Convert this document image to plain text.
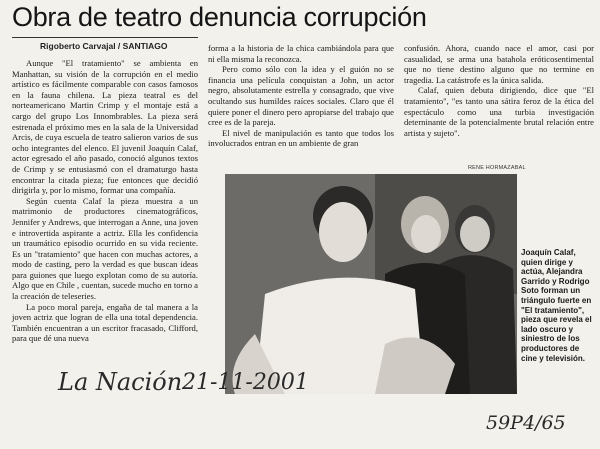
Obra de teatro denuncia corrupción
Rigoberto Carvajal / SANTIAGO

Aunque "El tratamiento" se ambienta en Manhattan, su visión de la corrupción en el medio artístico es fácilmente comparable con casos famosos en la fauna chilena. La pieza teatral es del norteamericano Martin Crimp y el montaje está a cargo del grupo Los Innombrables. La pieza será estrenada el próximo mes en la sala de la Universidad Arcis, de cuya escuela de teatro salieron varios de sus ocho integrantes del elenco. El juvenil Joaquín Calaf, actor egresado el año pasado, conoció algunos textos de Crimp y se entusiasmó con el dramaturgo hasta encontrar la citada pieza; fue entonces que decidió dirigirla y, por lo mismo, formar una compañía.

Según cuenta Calaf la pieza muestra a un matrimonio de productores cinematográficos, Jennifer y Andrews, que interrogan a Anne, una joven e introvertida aspirante a actriz. Ella les confidencia un traumático episodio ocurrido en su vida reciente. Es un "tratamiento" que hacen con muchas actores, a modo de casting, pero la verdad es que buscan ideas para guiones que luego explotan como de su autoría. Algo que en Chile , cuentan, sucede mucho en torno a la creación de teleseries.

La poco moral pareja, engaña de tal manera a la joven actriz que logran de ella una total dependencia. También encuentran a un escritor fracasado, Clifford, para que dé una nueva

forma a la historia de la chica cambiándola para que ni ella misma la reconozca.

Pero como sólo con la idea y el guión no se financia una película conquistan a John, un actor negro, absolutamente estrella y consagrado, que vive ocultando sus humildes raíces sociales. Claro que él quiere poner el dinero pero apropiarse del trabajo que cree es de la pareja.

El nivel de manipulación es tanto que todos los involucrados entran en un ambiente de gran

confusión. Ahora, cuando nace el amor, casi por casualidad, se arma una batahola eróticosentimental que no tiene destino alguno que no termine en tragedia. La catástrofe es la única salida.

Calaf, quien debuta dirigiendo, dice que "El tratamiento", "es tanto una sátira feroz de la ética del espectáculo como una turbia investigación deterninante de la potencialmente brutal relación entre artista y sujeto".

RENE HORMAZABAL
Joaquín Calaf, quien dirige y actúa, Alejandra Garrido y Rodrigo Soto forman un triángulo fuerte en "El tratamiento", pieza que revela el lado oscuro y siniestro de los productores de cine y televisión.
La Nación 21-11-2001
59P4/65
